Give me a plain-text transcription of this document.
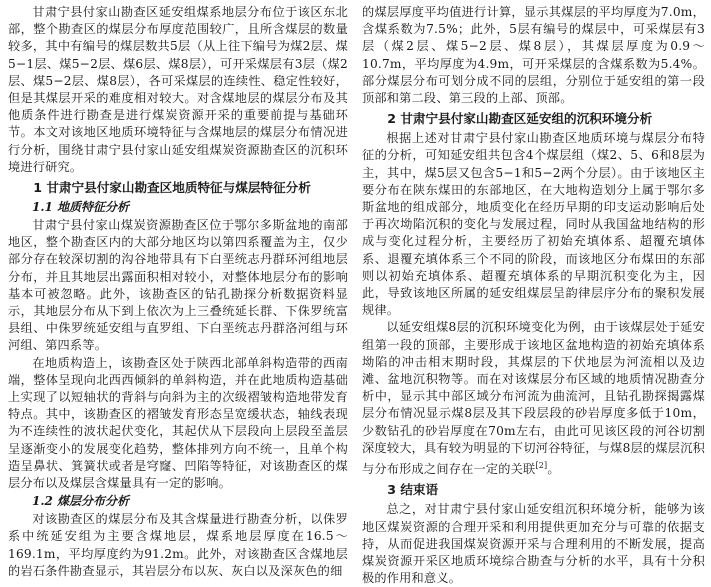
甘肃宁县付家山勘查区延安组煤系地层分布位于该区东北部，整个勘查区的煤层分布厚度范围较广，且所含煤层的数量较多，其中有编号的煤层数共5层（从上往下编号为煤2层、煤5−1层、煤5−2层、煤6层、煤8层），可开采煤层有3层（煤2层、煤5−2层、煤8层），各可采煤层的连续性、稳定性较好，但是其煤层开采的难度相对较大。对含煤地层的煤层分布及其他质条件进行勘查是进行煤炭资源开采的重要前提与基础环节。本文对该地区地质环境特征与含煤地层的煤层分布情况进行分析，围绕甘肃宁县付家山延安组煤炭资源勘查区的沉积环境进行研究。

1 甘肃宁县付家山勘查区地质特征与煤层特征分析
1.1 地质特征分析

甘肃宁县付家山煤炭资源勘查区位于鄂尔多斯盆地的南部地区，整个勘查区内的大部分地区均以第四系覆盖为主，仅少部分存在较深切割的沟谷地带具有下白垩统志丹群环河组地层分布，并且其地层出露面积相对较小，对整体地层分布的影响基本可被忽略。此外，该勘查区的钻孔勘探分析数据资料显示，其地层分布从下到上依次为上三叠统延长群、下侏罗统富县组、中侏罗统延安组与直罗组、下白垩统志丹群洛河组与环河组、第四系等。

在地质构造上，该勘查区处于陕西北部单斜构造带的西南端，整体呈现向北西西倾斜的单斜构造，并在此地质构造基础上实现了以短轴状的背斜与向斜为主的次级褶皱构造地带发育特点。其中，该勘查区的褶皱发育形态呈宽缓状态，轴线表现为不连续性的波状起伏变化，其起伏从下层段向上层段至盖层呈逐渐变小的发展变化趋势，整体排列方向不统一，且单个构造呈鼻状、箕簧状或者是穹窿、凹陷等特征，对该勘查区的煤层分布以及煤层含煤量具有一定的影响。

1.2 煤层分布分析

对该勘查区的煤层分布及其含煤量进行勘查分析，以侏罗系中统延安组为主要含煤地层，煤系地层厚度在16.5～169.1m，平均厚度约为91.2m。此外，对该勘查区含煤地层的岩石条件勘查显示，其岩层分布以灰、灰白以及深灰色的细

的煤层厚度平均值进行计算，显示其煤层的平均厚度为7.0m，含煤系数为7.5%；此外，5层有编号的煤层中，可采煤层有3层（煤2层、煤5−2层、煤8层），其煤层厚度为0.9～10.7m，平均厚度为4.9m，可开采煤层的含煤系数为5.4%。部分煤层分布可划分成不同的层组，分别位于延安组的第一段顶部和第二段、第三段的上部、顶部。

2 甘肃宁县付家山勘查区延安组的沉积环境分析

根据上述对甘肃宁县付家山勘查区地质环境与煤层分布特征的分析，可知延安组共包含4个煤层组（煤2、5、6和8层为主，其中，煤5层又包含5−1和5−2两个分层）。由于该地区主要分布在陕东煤田的东部地区，在大地构造划分上属于鄂尔多斯盆地的组成部分，地质变化在经历早期的印支运动影响后处于再次坳陷沉积的变化与发展过程，同时从我国盆地结构的形成与变化过程分析，主要经历了初始充填体系、超覆充填体系、退覆充填体系三个不同的阶段，而该地区分布煤田的东部则以初始充填体系、超覆充填体系的早期沉积变化为主，因此，导致该地区所属的延安组煤层呈韵律层序分布的聚积发展规律。

以延安组煤8层的沉积环境变化为例，由于该煤层处于延安组第一段的顶部，主要形成于该地区盆地构造的初始充填体系坳陷的冲击相末期时段，其煤层的下伏地层为河流相以及边滩、盆地沉积物等。而在对该煤层分布区域的地质情况勘查分析中，显示其中部区域分布河流为曲流河，且钻孔勘探揭露煤层分布情况显示煤8层及其下段层段的砂岩厚度多低于10m，少数钻孔的砂岩厚度在70m左右，由此可见该区段的河谷切割深度较大，具有较为明显的下切河谷特征，与煤8层的煤层沉积与分布形成之间存在一定的关联[2]。

3 结束语

总之，对甘肃宁县付家山延安组沉积环境分析，能够为该地区煤炭资源的合理开采和利用提供更加充分与可靠的依据支持，从而促进我国煤炭资源开采与合理利用的不断发展，提高煤炭资源开采区地质环境综合勘查与分析的水平，具有十分积极的作用和意义。
